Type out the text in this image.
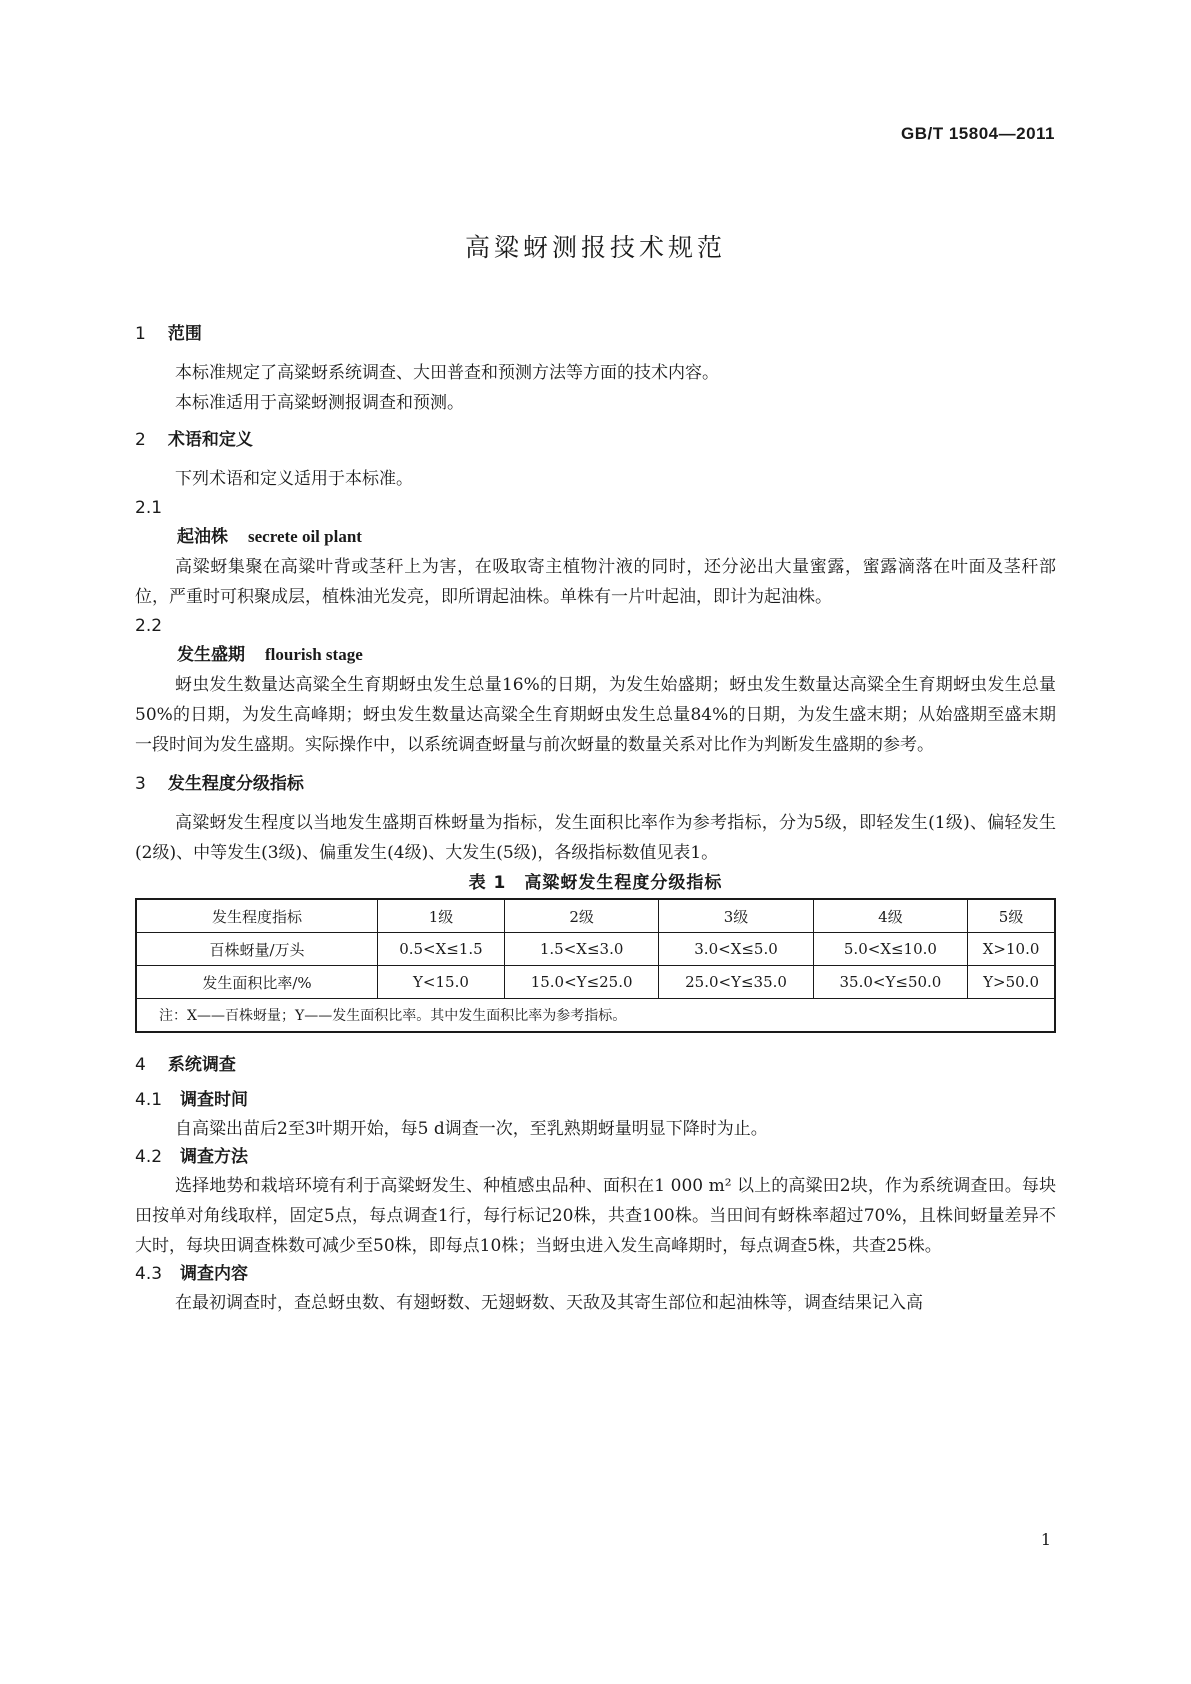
GB/T 15804—2011
高粱蚜测报技术规范
1 范围

本标准规定了高粱蚜系统调查、大田普查和预测方法等方面的技术内容。

本标准适用于高粱蚜测报调查和预测。

2 术语和定义

下列术语和定义适用于本标准。

2.1
起油株 secrete oil plant

高粱蚜集聚在高粱叶背或茎秆上为害，在吸取寄主植物汁液的同时，还分泌出大量蜜露，蜜露滴落在叶面及茎秆部位，严重时可积聚成层，植株油光发亮，即所谓起油株。单株有一片叶起油，即计为起油株。

2.2
发生盛期 flourish stage

蚜虫发生数量达高粱全生育期蚜虫发生总量16%的日期，为发生始盛期；蚜虫发生数量达高粱全生育期蚜虫发生总量50%的日期，为发生高峰期；蚜虫发生数量达高粱全生育期蚜虫发生总量84%的日期，为发生盛末期；从始盛期至盛末期一段时间为发生盛期。实际操作中，以系统调查蚜量与前次蚜量的数量关系对比作为判断发生盛期的参考。

3 发生程度分级指标

高粱蚜发生程度以当地发生盛期百株蚜量为指标，发生面积比率作为参考指标，分为5级，即轻发生(1级)、偏轻发生(2级)、中等发生(3级)、偏重发生(4级)、大发生(5级)，各级指标数值见表1。

表 1　高粱蚜发生程度分级指标
发生程度指标	1级	2级	3级	4级	5级
百株蚜量/万头	0.5<X≤1.5	1.5<X≤3.0	3.0<X≤5.0	5.0<X≤10.0	X>10.0
发生面积比率/%	Y<15.0	15.0<Y≤25.0	25.0<Y≤35.0	35.0<Y≤50.0	Y>50.0
注：X——百株蚜量；Y——发生面积比率。其中发生面积比率为参考指标。					
4 系统调查
4.1 调查时间

自高粱出苗后2至3叶期开始，每5 d调查一次，至乳熟期蚜量明显下降时为止。

4.2 调查方法

选择地势和栽培环境有利于高粱蚜发生、种植感虫品种、面积在1 000 m² 以上的高粱田2块，作为系统调查田。每块田按单对角线取样，固定5点，每点调查1行，每行标记20株，共查100株。当田间有蚜株率超过70%，且株间蚜量差异不大时，每块田调查株数可减少至50株，即每点10株；当蚜虫进入发生高峰期时，每点调查5株，共查25株。

4.3 调查内容

在最初调查时，查总蚜虫数、有翅蚜数、无翅蚜数、天敌及其寄生部位和起油株等，调查结果记入高

1
